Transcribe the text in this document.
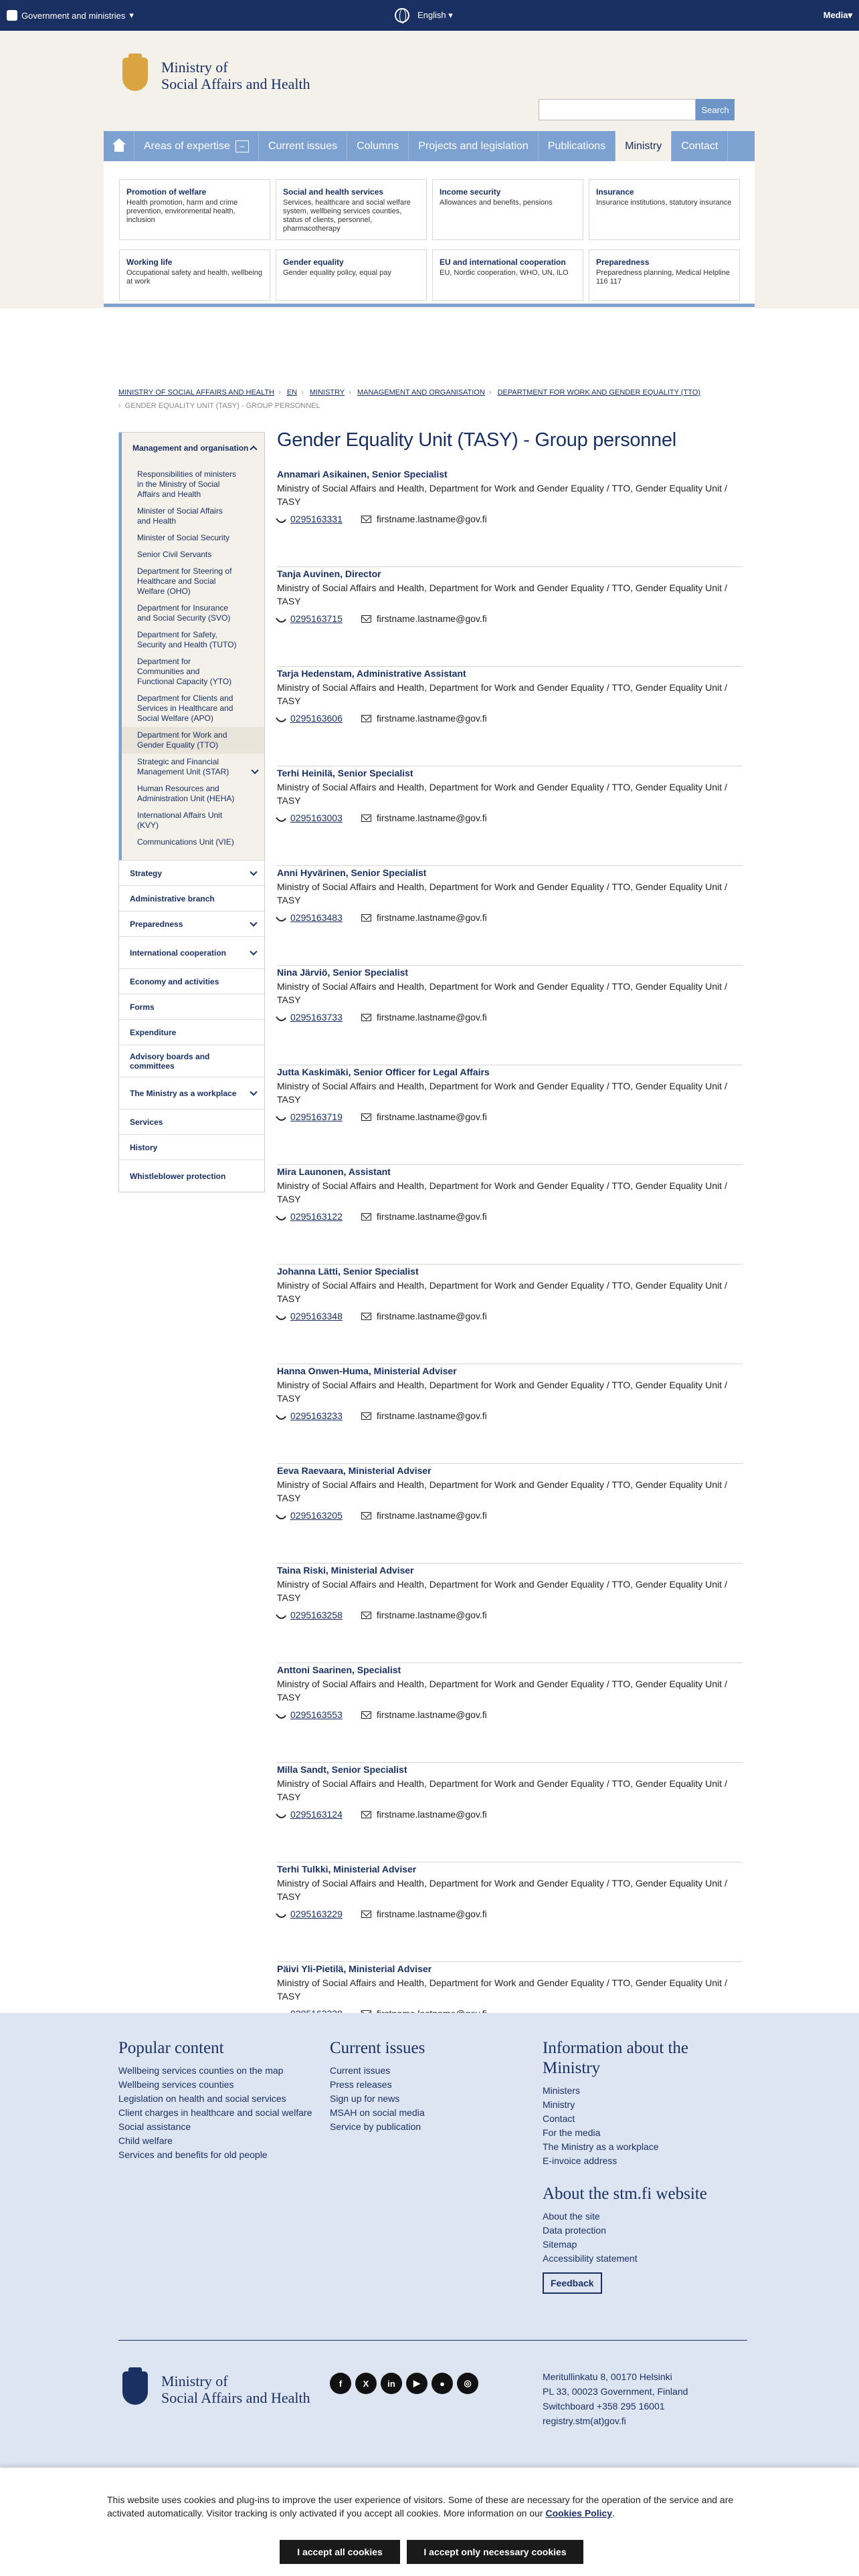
Government and ministries ▾	English ▾	Media▾
Ministry of
Social Affairs and Health
Search
Areas of expertise −	Current issues	Columns	Projects and legislation	Publications	Ministry	Contact
Promotion of welfare

Health promotion, harm and crime prevention, environmental health, inclusion

Social and health services

Services, healthcare and social welfare system, wellbeing services counties, status of clients, personnel, pharmacotherapy

Income security

Allowances and benefits, pensions

Insurance

Insurance institutions, statutory insurance

Working life

Occupational safety and health, wellbeing at work

Gender equality

Gender equality policy, equal pay

EU and international cooperation

EU, Nordic cooperation, WHO, UN, ILO

Preparedness

Preparedness planning, Medical Helpline 116 117

MINISTRY OF SOCIAL AFFAIRS AND HEALTH › EN › MINISTRY › MANAGEMENT AND ORGANISATION › DEPARTMENT FOR WORK AND GENDER EQUALITY (TTO)
› GENDER EQUALITY UNIT (TASY) - GROUP PERSONNEL
Management and organisation
Responsibilities of ministers in the Ministry of Social Affairs and Health
Minister of Social Affairs and Health
Minister of Social Security
Senior Civil Servants
Department for Steering of Healthcare and Social Welfare (OHO)
Department for Insurance and Social Security (SVO)
Department for Safety, Security and Health (TUTO)
Department for Communities and Functional Capacity (YTO)
Department for Clients and Services in Healthcare and Social Welfare (APO)
Department for Work and Gender Equality (TTO)
Strategic and Financial Management Unit (STAR)
Human Resources and Administration Unit (HEHA)
International Affairs Unit (KVY)
Communications Unit (VIE)
Strategy
Administrative branch
Preparedness
International cooperation
Economy and activities
Forms
Expenditure
Advisory boards and committees
The Ministry as a workplace
Services
History
Whistleblower protection
Gender Equality Unit (TASY) - Group personnel
Annamari Asikainen, Senior Specialist
Ministry of Social Affairs and Health, Department for Work and Gender Equality / TTO, Gender Equality Unit / TASY
0295163331	firstname.lastname@gov.fi
Tanja Auvinen, Director
Ministry of Social Affairs and Health, Department for Work and Gender Equality / TTO, Gender Equality Unit / TASY
0295163715	firstname.lastname@gov.fi
Tarja Hedenstam, Administrative Assistant
Ministry of Social Affairs and Health, Department for Work and Gender Equality / TTO, Gender Equality Unit / TASY
0295163606	firstname.lastname@gov.fi
Terhi Heinilä, Senior Specialist
Ministry of Social Affairs and Health, Department for Work and Gender Equality / TTO, Gender Equality Unit / TASY
0295163003	firstname.lastname@gov.fi
Anni Hyvärinen, Senior Specialist
Ministry of Social Affairs and Health, Department for Work and Gender Equality / TTO, Gender Equality Unit / TASY
0295163483	firstname.lastname@gov.fi
Nina Järviö, Senior Specialist
Ministry of Social Affairs and Health, Department for Work and Gender Equality / TTO, Gender Equality Unit / TASY
0295163733	firstname.lastname@gov.fi
Jutta Kaskimäki, Senior Officer for Legal Affairs
Ministry of Social Affairs and Health, Department for Work and Gender Equality / TTO, Gender Equality Unit / TASY
0295163719	firstname.lastname@gov.fi
Mira Launonen, Assistant
Ministry of Social Affairs and Health, Department for Work and Gender Equality / TTO, Gender Equality Unit / TASY
0295163122	firstname.lastname@gov.fi
Johanna Lätti, Senior Specialist
Ministry of Social Affairs and Health, Department for Work and Gender Equality / TTO, Gender Equality Unit / TASY
0295163348	firstname.lastname@gov.fi
Hanna Onwen-Huma, Ministerial Adviser
Ministry of Social Affairs and Health, Department for Work and Gender Equality / TTO, Gender Equality Unit / TASY
0295163233	firstname.lastname@gov.fi
Eeva Raevaara, Ministerial Adviser
Ministry of Social Affairs and Health, Department for Work and Gender Equality / TTO, Gender Equality Unit / TASY
0295163205	firstname.lastname@gov.fi
Taina Riski, Ministerial Adviser
Ministry of Social Affairs and Health, Department for Work and Gender Equality / TTO, Gender Equality Unit / TASY
0295163258	firstname.lastname@gov.fi
Anttoni Saarinen, Specialist
Ministry of Social Affairs and Health, Department for Work and Gender Equality / TTO, Gender Equality Unit / TASY
0295163553	firstname.lastname@gov.fi
Milla Sandt, Senior Specialist
Ministry of Social Affairs and Health, Department for Work and Gender Equality / TTO, Gender Equality Unit / TASY
0295163124	firstname.lastname@gov.fi
Terhi Tulkki, Ministerial Adviser
Ministry of Social Affairs and Health, Department for Work and Gender Equality / TTO, Gender Equality Unit / TASY
0295163229	firstname.lastname@gov.fi
Päivi Yli-Pietilä, Ministerial Adviser
Ministry of Social Affairs and Health, Department for Work and Gender Equality / TTO, Gender Equality Unit / TASY
Popular content
Wellbeing services counties on the map
Wellbeing services counties
Legislation on health and social services
Client charges in healthcare and social welfare
Social assistance
Child welfare
Services and benefits for old people
Current issues
Current issues
Press releases
Sign up for news
MSAH on social media
Service by publication
Information about the Ministry
Ministers
Ministry
Contact
For the media
The Ministry as a workplace
E-invoice address
About the stm.fi website
About the site
Data protection
Sitemap
Accessibility statement
Feedback
Ministry of
Social Affairs and Health
f	X	in	▶	●	◎
Meritullinkatu 8, 00170 Helsinki
PL 33, 00023 Government, Finland
Switchboard +358 295 16001
registry.stm(at)gov.fi
This website uses cookies and plug-ins to improve the user experience of visitors. Some of these are necessary for the operation of the service and are activated automatically. Visitor tracking is only activated if you accept all cookies. More information on our Cookies Policy.
I accept all cookies	I accept only necessary cookies
